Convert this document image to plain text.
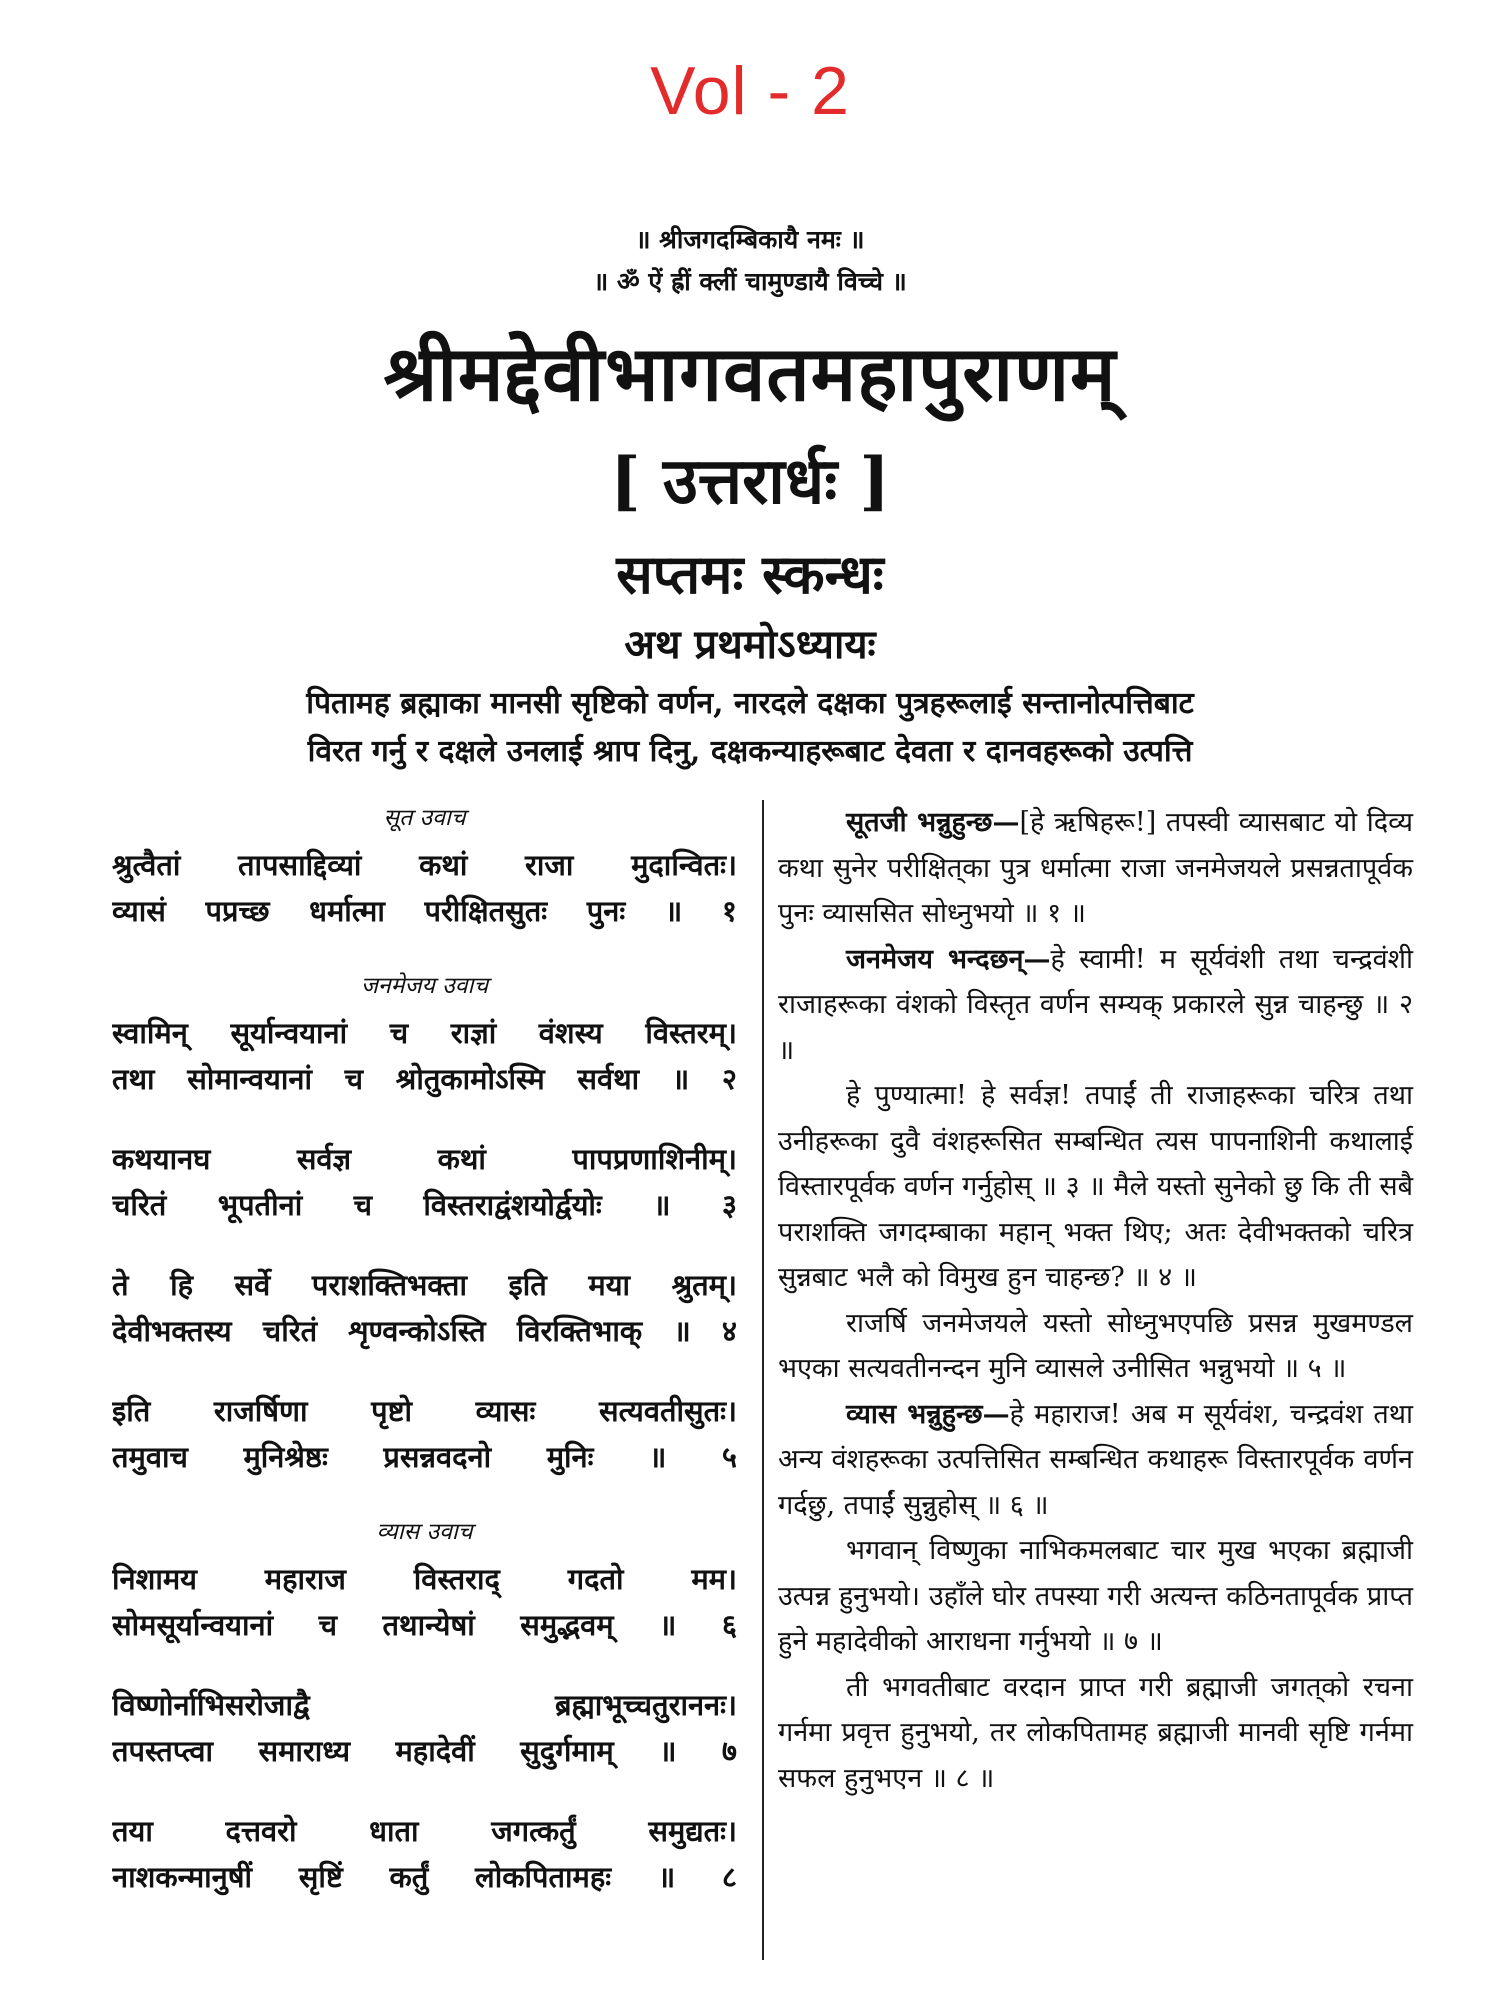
Vol - 2
॥ श्रीजगदम्बिकायै नमः ॥
॥ ॐ ऐं ह्रीं क्लीं चामुण्डायै विच्चे ॥
श्रीमद्देवीभागवतमहापुराणम्
[ उत्तरार्धः ]
सप्तमः स्कन्धः
अथ प्रथमोऽध्यायः
पितामह ब्रह्माका मानसी सृष्टिको वर्णन, नारदले दक्षका पुत्रहरूलाई सन्तानोत्पत्तिबाट
विरत गर्नु र दक्षले उनलाई श्राप दिनु, दक्षकन्याहरूबाट देवता र दानवहरूको उत्पत्ति
सूत उवाच
श्रुत्वैतां तापसाद्दिव्यां कथां राजा मुदान्वितः।
व्यासं पप्रच्छ धर्मात्मा परीक्षितसुतः पुनः ॥ १
जनमेजय उवाच
स्वामिन् सूर्यान्वयानां च राज्ञां वंशस्य विस्तरम्।
तथा सोमान्वयानां च श्रोतुकामोऽस्मि सर्वथा ॥ २
कथयानघ सर्वज्ञ कथां पापप्रणाशिनीम्।
चरितं भूपतीनां च विस्तराद्वंशयोर्द्वयोः ॥ ३
ते हि सर्वे पराशक्तिभक्ता इति मया श्रुतम्।
देवीभक्तस्य चरितं शृण्वन्कोऽस्ति विरक्तिभाक् ॥ ४
इति राजर्षिणा पृष्टो व्यासः सत्यवतीसुतः।
तमुवाच मुनिश्रेष्ठः प्रसन्नवदनो मुनिः ॥ ५
व्यास उवाच
निशामय महाराज विस्तराद् गदतो मम।
सोमसूर्यान्वयानां च तथान्येषां समुद्भवम् ॥ ६
विष्णोर्नाभिसरोजाद्वै ब्रह्माभूच्चतुराननः।
तपस्तप्त्वा समाराध्य महादेवीं सुदुर्गमाम् ॥ ७
तया दत्तवरो धाता जगत्कर्तुं समुद्यतः।
नाशकन्मानुषीं सृष्टिं कर्तुं लोकपितामहः ॥ ८
सूतजी भन्नुहुन्छ—[हे ऋषिहरू!] तपस्वी व्यासबाट यो दिव्य कथा सुनेर परीक्षित्‌का पुत्र धर्मात्मा राजा जनमेजयले प्रसन्नतापूर्वक पुनः व्याससित सोध्नुभयो ॥ १ ॥
जनमेजय भन्दछन्—हे स्वामी! म सूर्यवंशी तथा चन्द्रवंशी राजाहरूका वंशको विस्तृत वर्णन सम्यक् प्रकारले सुन्न चाहन्छु ॥ २ ॥
हे पुण्यात्मा! हे सर्वज्ञ! तपाईं ती राजाहरूका चरित्र तथा उनीहरूका दुवै वंशहरूसित सम्बन्धित त्यस पापनाशिनी कथालाई विस्तारपूर्वक वर्णन गर्नुहोस् ॥ ३ ॥ मैले यस्तो सुनेको छु कि ती सबै पराशक्ति जगदम्बाका महान् भक्त थिए; अतः देवीभक्तको चरित्र सुन्नबाट भलै को विमुख हुन चाहन्छ? ॥ ४ ॥
राजर्षि जनमेजयले यस्तो सोध्नुभएपछि प्रसन्न मुखमण्डल भएका सत्यवतीनन्दन मुनि व्यासले उनीसित भन्नुभयो ॥ ५ ॥
व्यास भन्नुहुन्छ—हे महाराज! अब म सूर्यवंश, चन्द्रवंश तथा अन्य वंशहरूका उत्पत्तिसित सम्बन्धित कथाहरू विस्तारपूर्वक वर्णन गर्दछु, तपाईं सुन्नुहोस् ॥ ६ ॥
भगवान् विष्णुका नाभिकमलबाट चार मुख भएका ब्रह्माजी उत्पन्न हुनुभयो। उहाँले घोर तपस्या गरी अत्यन्त कठिनतापूर्वक प्राप्त हुने महादेवीको आराधना गर्नुभयो ॥ ७ ॥
ती भगवतीबाट वरदान प्राप्त गरी ब्रह्माजी जगत्‌को रचना गर्नमा प्रवृत्त हुनुभयो, तर लोकपितामह ब्रह्माजी मानवी सृष्टि गर्नमा सफल हुनुभएन ॥ ८ ॥
